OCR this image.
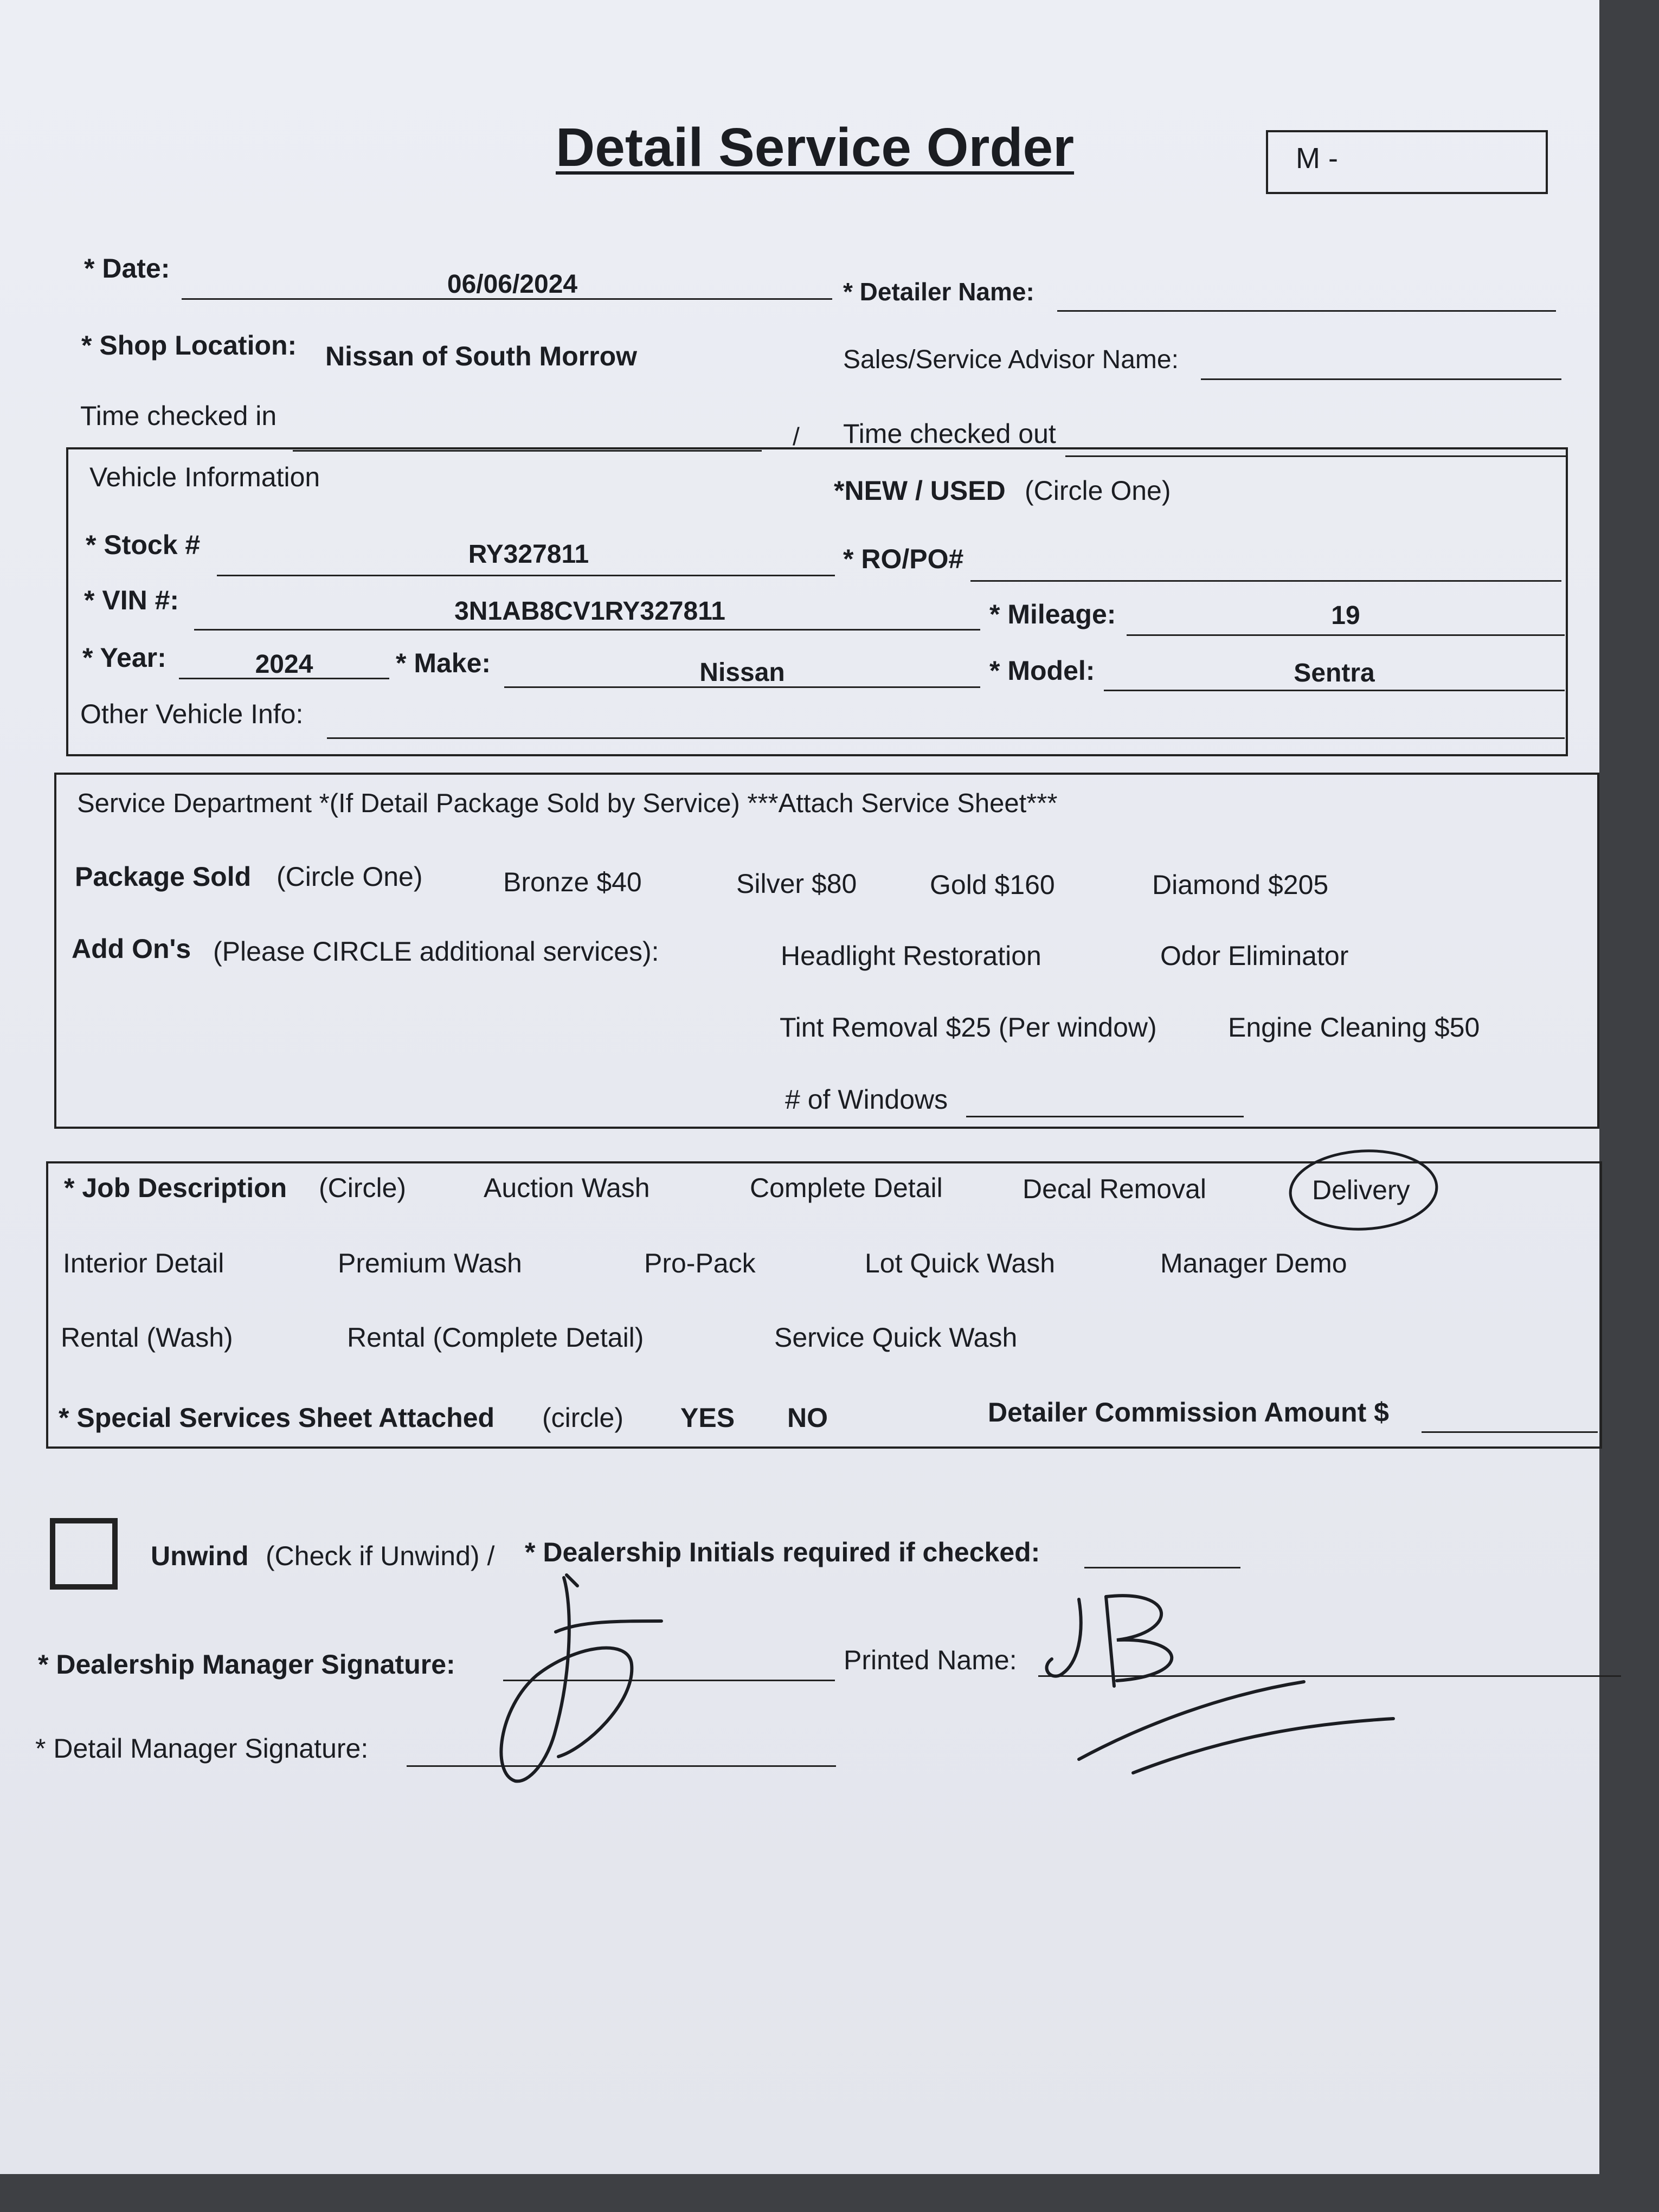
Detail Service Order	M -
* Date:
06/06/2024	* Detailer Name:
* Shop Location: Nissan of South Morrow	Sales/Service Advisor Name:
Time checked in
/ Time checked out
Vehicle Information	*NEW / USED (Circle One)
* Stock #	RY327811	* RO/PO#
* VIN #:	3N1AB8CV1RY327811	* Mileage:	19
* Year:	2024	* Make:	Nissan	* Model:	Sentra
Other Vehicle Info:
Service Department *(If Detail Package Sold by Service) ***Attach Service Sheet***
Package Sold (Circle One)	Bronze $40	Silver $80	Gold $160	Diamond $205
Add On's (Please CIRCLE additional services):	Headlight Restoration	Odor Eliminator
Tint Removal $25 (Per window)	Engine Cleaning $50
# of Windows
* Job Description (Circle)	Auction Wash	Complete Detail	Decal Removal	Delivery
Interior Detail	Premium Wash	Pro-Pack	Lot Quick Wash	Manager Demo
Rental (Wash)	Rental (Complete Detail)	Service Quick Wash
* Special Services Sheet Attached (circle) YES NO	Detailer Commission Amount $
Unwind (Check if Unwind) / * Dealership Initials required if checked:
* Dealership Manager Signature:	Printed Name:
* Detail Manager Signature:
